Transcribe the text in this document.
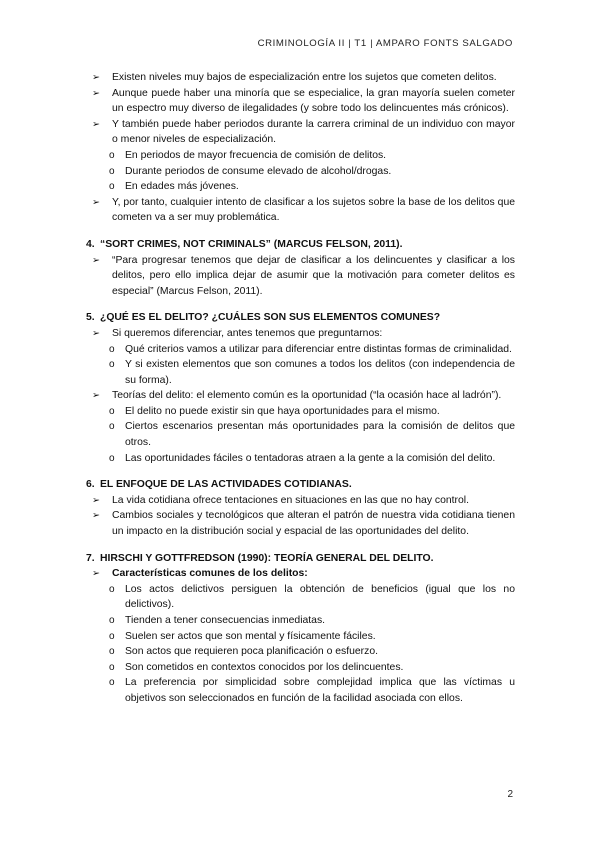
CRIMINOLOGÍA II | T1 | AMPARO FONTS SALGADO
➢ Existen niveles muy bajos de especialización entre los sujetos que cometen delitos.
➢ Aunque puede haber una minoría que se especialice, la gran mayoría suelen cometer un espectro muy diverso de ilegalidades (y sobre todo los delincuentes más crónicos).
➢ Y también puede haber periodos durante la carrera criminal de un individuo con mayor o menor niveles de especialización.
o En periodos de mayor frecuencia de comisión de delitos.
o Durante periodos de consume elevado de alcohol/drogas.
o En edades más jóvenes.
➢ Y, por tanto, cualquier intento de clasificar a los sujetos sobre la base de los delitos que cometen va a ser muy problemática.
4. “SORT CRIMES, NOT CRIMINALS” (MARCUS FELSON, 2011).
➢ “Para progresar tenemos que dejar de clasificar a los delincuentes y clasificar a los delitos, pero ello implica dejar de asumir que la motivación para cometer delitos es especial” (Marcus Felson, 2011).
5. ¿QUÉ ES EL DELITO? ¿CUÁLES SON SUS ELEMENTOS COMUNES?
➢ Si queremos diferenciar, antes tenemos que preguntarnos:
o Qué criterios vamos a utilizar para diferenciar entre distintas formas de criminalidad.
o Y si existen elementos que son comunes a todos los delitos (con independencia de su forma).
➢ Teorías del delito: el elemento común es la oportunidad (“la ocasión hace al ladrón”).
o El delito no puede existir sin que haya oportunidades para el mismo.
o Ciertos escenarios presentan más oportunidades para la comisión de delitos que otros.
o Las oportunidades fáciles o tentadoras atraen a la gente a la comisión del delito.
6. EL ENFOQUE DE LAS ACTIVIDADES COTIDIANAS.
➢ La vida cotidiana ofrece tentaciones en situaciones en las que no hay control.
➢ Cambios sociales y tecnológicos que alteran el patrón de nuestra vida cotidiana tienen un impacto en la distribución social y espacial de las oportunidades del delito.
7. HIRSCHI Y GOTTFREDSON (1990): TEORÍA GENERAL DEL DELITO.
➢ Características comunes de los delitos:
o Los actos delictivos persiguen la obtención de beneficios (igual que los no delictivos).
o Tienden a tener consecuencias inmediatas.
o Suelen ser actos que son mental y físicamente fáciles.
o Son actos que requieren poca planificación o esfuerzo.
o Son cometidos en contextos conocidos por los delincuentes.
o La preferencia por simplicidad sobre complejidad implica que las víctimas u objetivos son seleccionados en función de la facilidad asociada con ellos.
2
